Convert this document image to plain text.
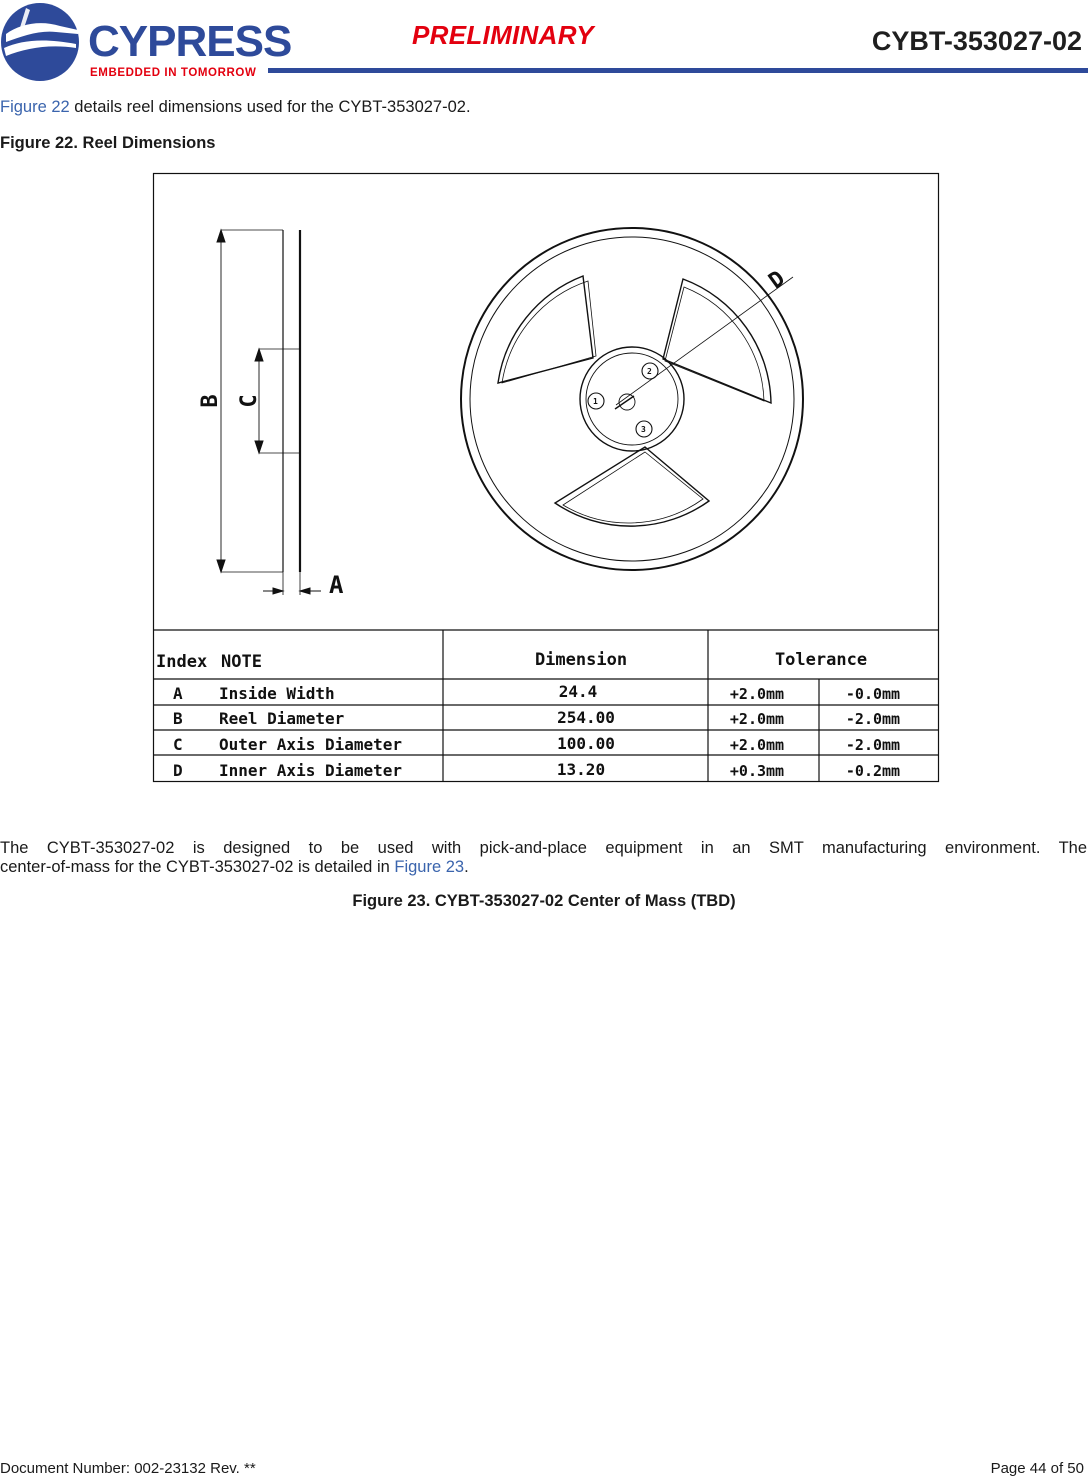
CYPRESS
EMBEDDED IN TOMORROW
PRELIMINARY	CYBT-353027-02
Figure 22 details reel dimensions used for the CYBT-353027-02.
Figure 22. Reel Dimensions
B C
A
1
2
3
D
Index NOTE	Dimension	Tolerance
A Inside Width	24.4	+2.0mm	-0.0mm
B Reel Diameter	254.00	+2.0mm	-2.0mm
C Outer Axis Diameter	100.00	+2.0mm	-2.0mm
D Inner Axis Diameter	13.20	+0.3mm	-0.2mm
The CYBT-353027-02 is designed to be used with pick-and-place equipment in an SMT manufacturing environment. The
center-of-mass for the CYBT-353027-02 is detailed in Figure 23.
Figure 23. CYBT-353027-02 Center of Mass (TBD)
Document Number: 002-23132 Rev. **	Page 44 of 50
